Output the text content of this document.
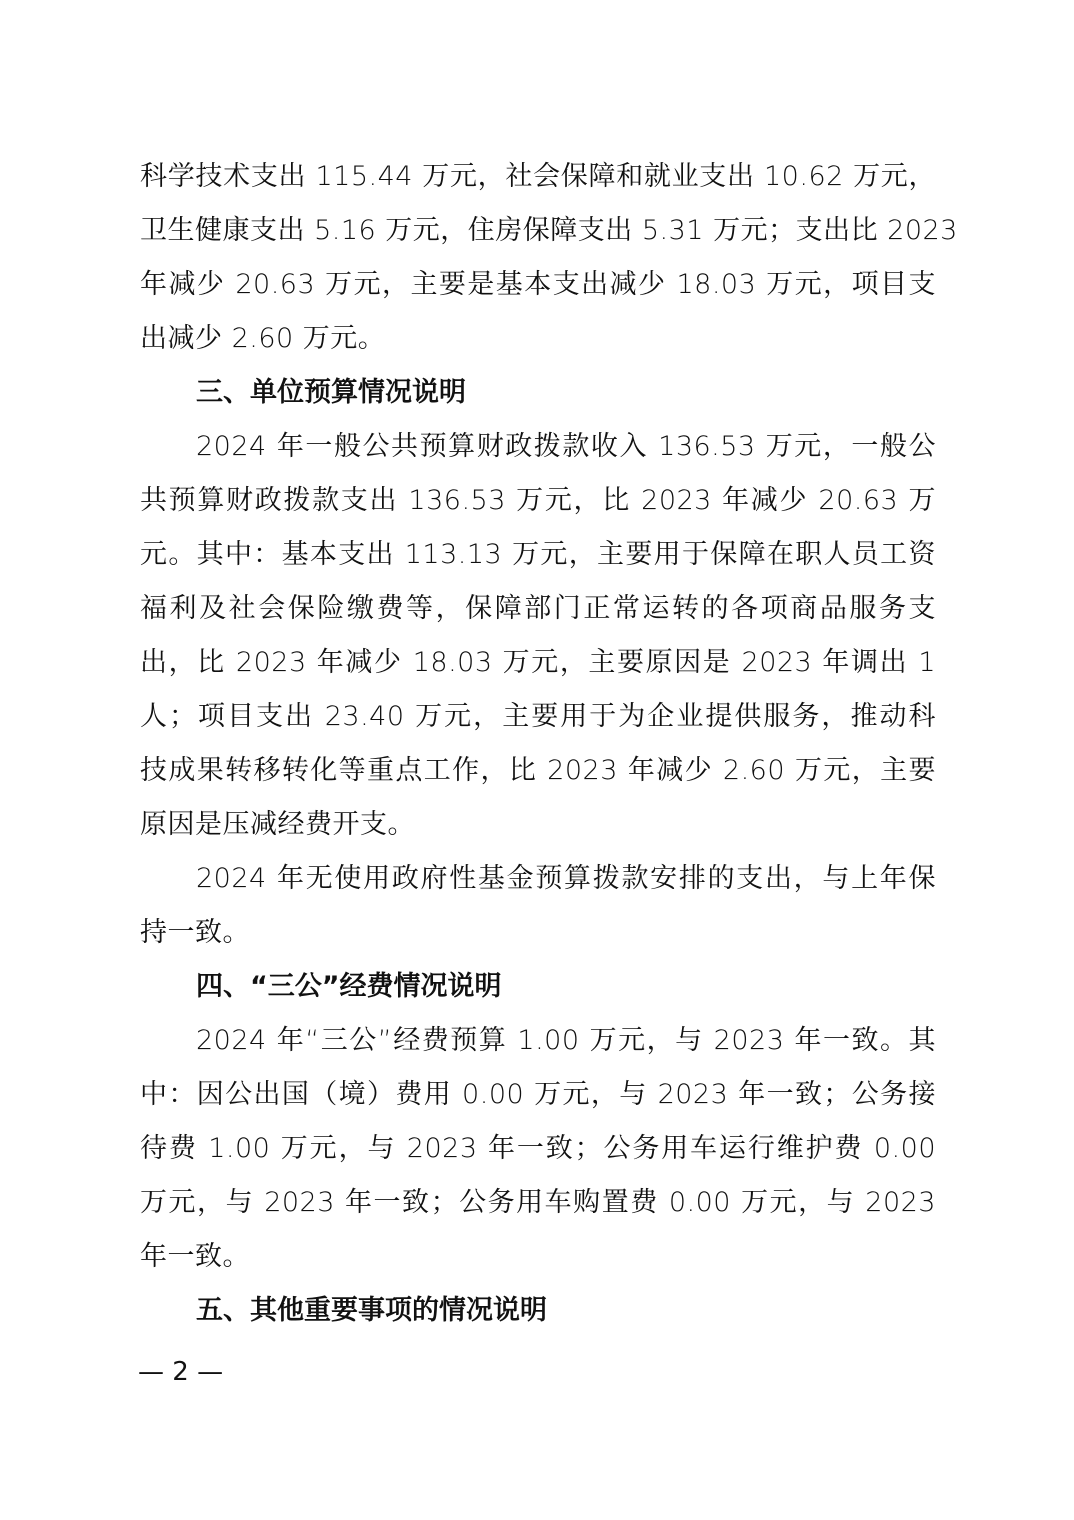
科学技术支出 115.44 万元，社会保障和就业支出 10.62 万元，
卫生健康支出 5.16 万元，住房保障支出 5.31 万元；支出比 2023
年减少 20.63 万元，主要是基本支出减少 18.03 万元，项目支
出减少 2.60 万元。
三、单位预算情况说明
2024 年一般公共预算财政拨款收入 136.53 万元，一般公
共预算财政拨款支出 136.53 万元，比 2023 年减少 20.63 万
元。其中：基本支出 113.13 万元，主要用于保障在职人员工资
福利及社会保险缴费等，保障部门正常运转的各项商品服务支
出，比 2023 年减少 18.03 万元，主要原因是 2023 年调出 1
人；项目支出 23.40 万元，主要用于为企业提供服务，推动科
技成果转移转化等重点工作，比 2023 年减少 2.60 万元，主要
原因是压减经费开支。
2024 年无使用政府性基金预算拨款安排的支出，与上年保
持一致。
四、“三公”经费情况说明
2024 年“三公”经费预算 1.00 万元，与 2023 年一致。其
中：因公出国（境）费用 0.00 万元，与 2023 年一致；公务接
待费 1.00 万元，与 2023 年一致；公务用车运行维护费 0.00
万元，与 2023 年一致；公务用车购置费 0.00 万元，与 2023
年一致。
五、其他重要事项的情况说明
— 2 —
